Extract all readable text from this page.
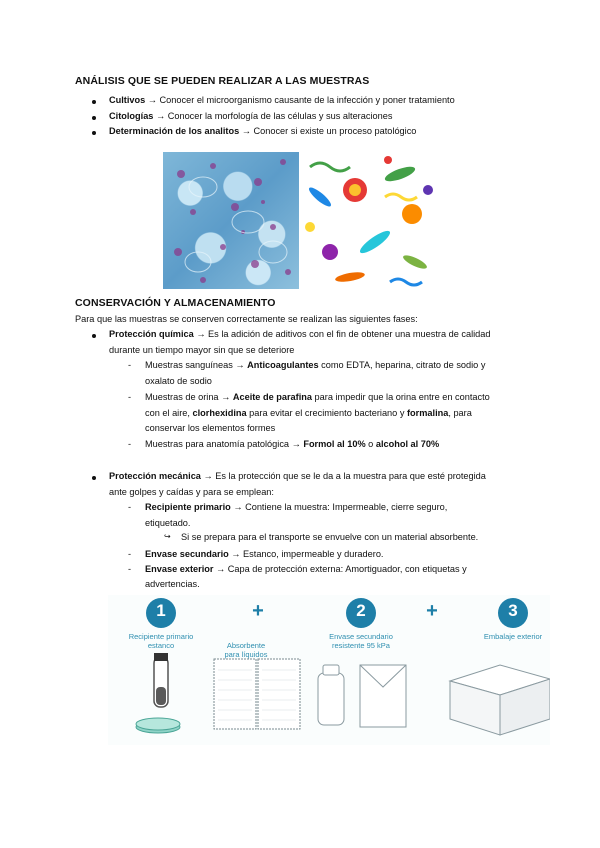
ANÁLISIS QUE SE PUEDEN REALIZAR A LAS MUESTRAS
Cultivos → Conocer el microorganismo causante de la infección y poner tratamiento
Citologías → Conocer la morfología de las células y sus alteraciones
Determinación de los analitos → Conocer si existe un proceso patológico
CONSERVACIÓN Y ALMACENAMIENTO
Para que las muestras se conserven correctamente se realizan las siguientes fases:
Protección química → Es la adición de aditivos con el fin de obtener una muestra de calidad
durante un tiempo mayor sin que se deteriore
- Muestras sanguíneas → Anticoagulantes como EDTA, heparina, citrato de sodio y
oxalato de sodio
- Muestras de orina → Aceite de parafina para impedir que la orina entre en contacto
con el aire, clorhexidina para evitar el crecimiento bacteriano y formalina, para
conservar los elementos formes
- Muestras para anatomía patológica → Formol al 10% o alcohol al 70%
Protección mecánica → Es la protección que se le da a la muestra para que esté protegida
ante golpes y caídas y para se emplean:
- Recipiente primario → Contiene la muestra: Impermeable, cierre seguro,
etiquetado.
↪ Si se prepara para el transporte se envuelve con un material absorbente.
- Envase secundario → Estanco, impermeable y duradero.
- Envase exterior → Capa de protección externa: Amortiguador, con etiquetas y
advertencias.
1	2	3
+	+
Recipiente primario
estanco
Envase secundario
resistente 95 kPa
Embalaje exterior
Absorbente
para líquidos
